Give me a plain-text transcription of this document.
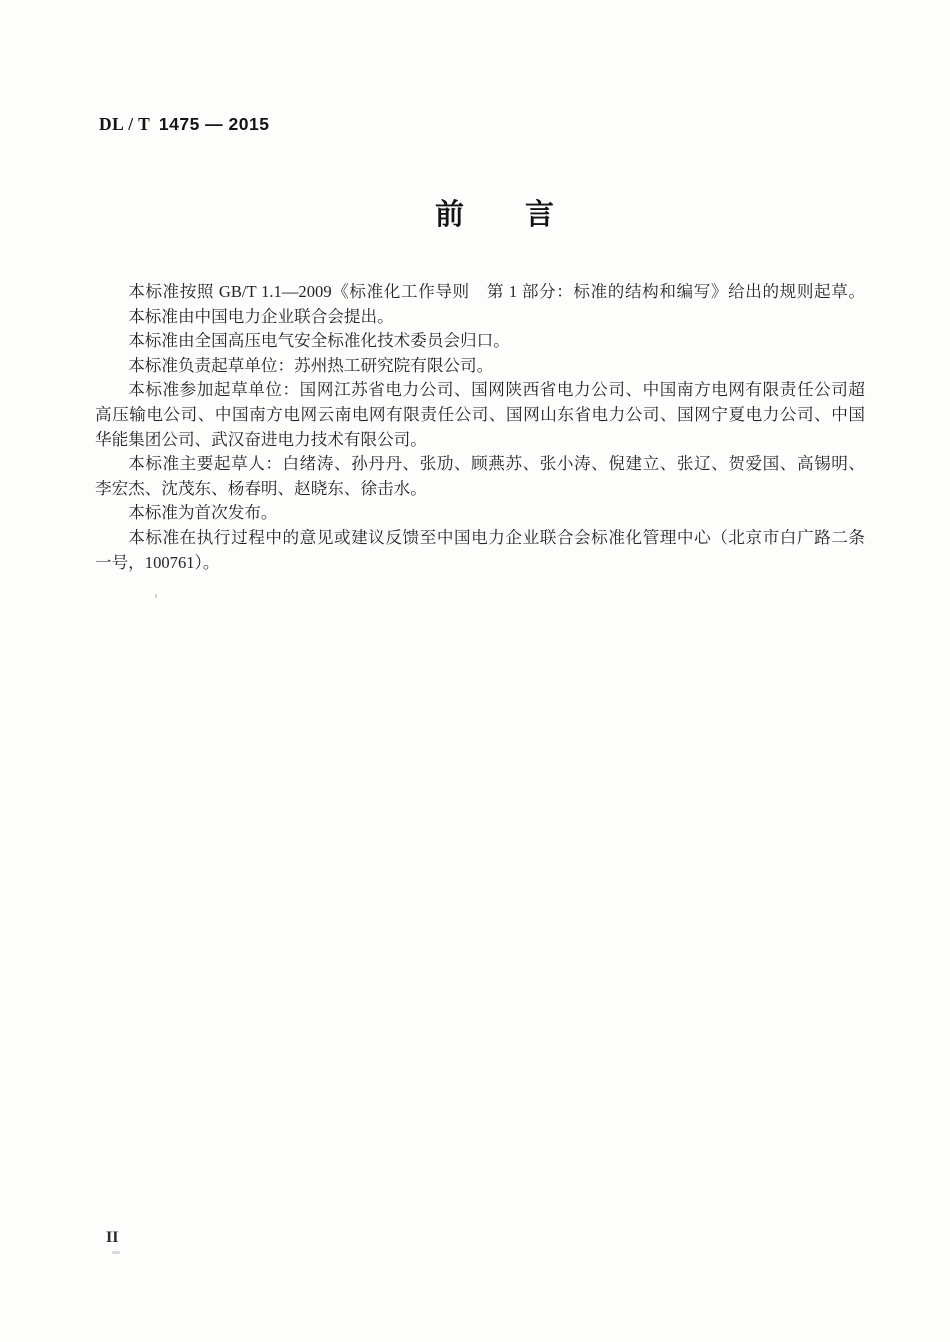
DL / T 1475 — 2015
前　　言
本标准按照 GB/T 1.1—2009《标准化工作导则　第 1 部分：标准的结构和编写》给出的规则起草。
本标准由中国电力企业联合会提出。
本标准由全国高压电气安全标准化技术委员会归口。
本标准负责起草单位：苏州热工研究院有限公司。
本标准参加起草单位：国网江苏省电力公司、国网陕西省电力公司、中国南方电网有限责任公司超
高压输电公司、中国南方电网云南电网有限责任公司、国网山东省电力公司、国网宁夏电力公司、中国
华能集团公司、武汉奋进电力技术有限公司。
本标准主要起草人：白绪涛、孙丹丹、张劢、顾燕苏、张小涛、倪建立、张辽、贺爱国、高锡明、
李宏杰、沈茂东、杨春明、赵晓东、徐击水。
本标准为首次发布。
本标准在执行过程中的意见或建议反馈至中国电力企业联合会标准化管理中心（北京市白广路二条
一号，100761）。
II
